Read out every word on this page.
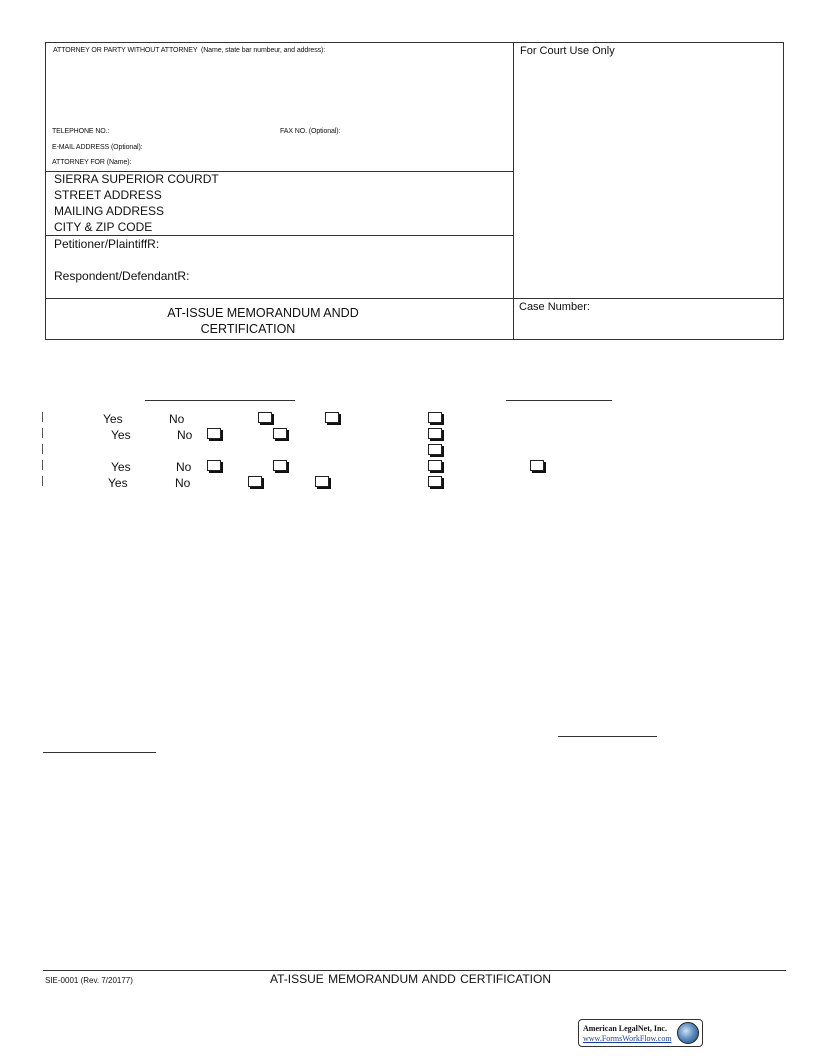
ATTORNEY OR PARTY WITHOUT ATTORNEY (Name, state bar numbeur, and address):
TELEPHONE NO.:	FAX NO. (Optional):
E-MAIL ADDRESS (Optional):
ATTORNEY FOR (Name):
For Court Use Only
SIERRA SUPERIOR COURDT
STREET ADDRESS
MAILING ADDRESS
CITY & ZIP CODE
Petitioner/PlaintiffR:
Respondent/DefendantR:
AT-ISSUE MEMORANDUM ANDD
CERTIFICATION
Case Number:
Yes	No
Yes	No
Yes	No
Yes	No
SIE-0001 (Rev. 7/20177)	AT-ISSUE MEMORANDUM ANDD CERTIFICATION
American LegalNet, Inc.
www.FormsWorkFlow.com
